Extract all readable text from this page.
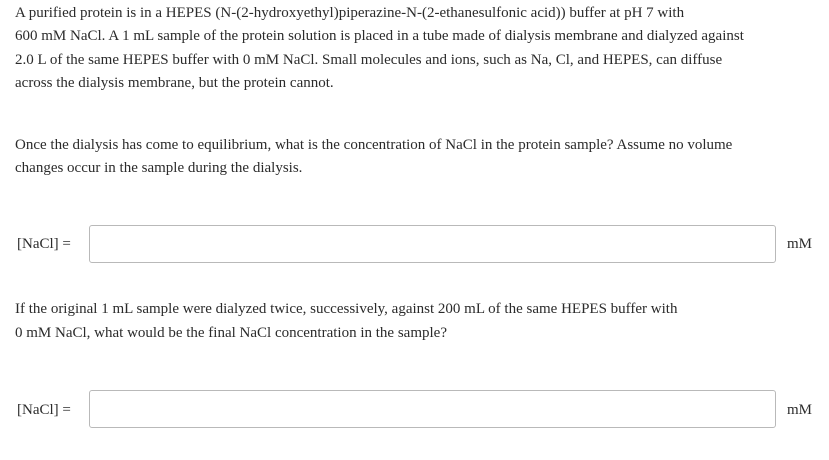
A purified protein is in a HEPES (N-(2-hydroxyethyl)piperazine-N-(2-ethanesulfonic acid)) buffer at pH 7 with
600 mM NaCl. A 1 mL sample of the protein solution is placed in a tube made of dialysis membrane and dialyzed against
2.0 L of the same HEPES buffer with 0 mM NaCl. Small molecules and ions, such as Na, Cl, and HEPES, can diffuse
across the dialysis membrane, but the protein cannot.
Once the dialysis has come to equilibrium, what is the concentration of NaCl in the protein sample? Assume no volume
changes occur in the sample during the dialysis.
[NaCl] =	mM
If the original 1 mL sample were dialyzed twice, successively, against 200 mL of the same HEPES buffer with
0 mM NaCl, what would be the final NaCl concentration in the sample?
[NaCl] =	mM
